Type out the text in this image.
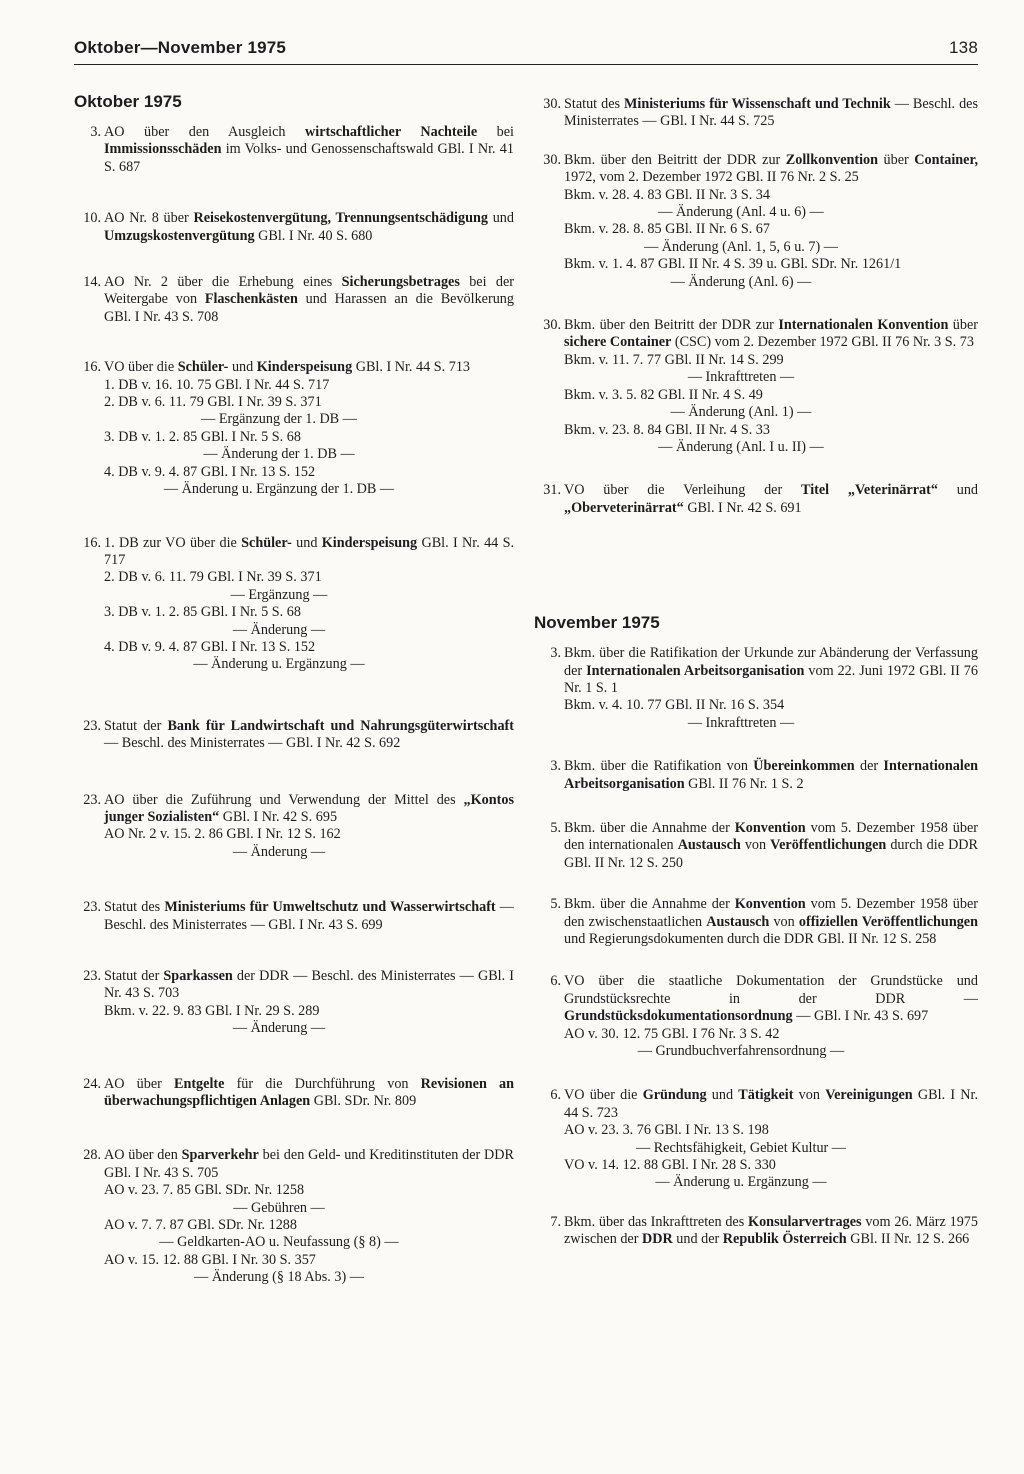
Oktober—November 1975	138
Oktober 1975
3. AO über den Ausgleich wirtschaftlicher Nachteile bei Immissionsschäden im Volks- und Genossenschaftswald GBl. I Nr. 41 S. 687
10. AO Nr. 8 über Reisekostenvergütung, Trennungsentschädigung und Umzugskostenvergütung GBl. I Nr. 40 S. 680
14. AO Nr. 2 über die Erhebung eines Sicherungsbetrages bei der Weitergabe von Flaschenkästen und Harassen an die Bevölkerung GBl. I Nr. 43 S. 708
16. VO über die Schüler- und Kinderspeisung GBl. I Nr. 44 S. 713
1. DB v. 16. 10. 75 GBl. I Nr. 44 S. 717
2. DB v. 6. 11. 79 GBl. I Nr. 39 S. 371
— Ergänzung der 1. DB —
3. DB v. 1. 2. 85 GBl. I Nr. 5 S. 68
— Änderung der 1. DB —
4. DB v. 9. 4. 87 GBl. I Nr. 13 S. 152
— Änderung u. Ergänzung der 1. DB —
16. 1. DB zur VO über die Schüler- und Kinderspeisung GBl. I Nr. 44 S. 717
2. DB v. 6. 11. 79 GBl. I Nr. 39 S. 371
— Ergänzung —
3. DB v. 1. 2. 85 GBl. I Nr. 5 S. 68
— Änderung —
4. DB v. 9. 4. 87 GBl. I Nr. 13 S. 152
— Änderung u. Ergänzung —
23. Statut der Bank für Landwirtschaft und Nahrungsgüterwirtschaft — Beschl. des Ministerrates — GBl. I Nr. 42 S. 692
23. AO über die Zuführung und Verwendung der Mittel des „Kontos junger Sozialisten“ GBl. I Nr. 42 S. 695
AO Nr. 2 v. 15. 2. 86 GBl. I Nr. 12 S. 162
— Änderung —
23. Statut des Ministeriums für Umweltschutz und Wasserwirtschaft — Beschl. des Ministerrates — GBl. I Nr. 43 S. 699
23. Statut der Sparkassen der DDR — Beschl. des Ministerrates — GBl. I Nr. 43 S. 703
Bkm. v. 22. 9. 83 GBl. I Nr. 29 S. 289
— Änderung —
24. AO über Entgelte für die Durchführung von Revisionen an überwachungspflichtigen Anlagen GBl. SDr. Nr. 809
28. AO über den Sparverkehr bei den Geld- und Kreditinstituten der DDR GBl. I Nr. 43 S. 705
AO v. 23. 7. 85 GBl. SDr. Nr. 1258
— Gebühren —
AO v. 7. 7. 87 GBl. SDr. Nr. 1288
— Geldkarten-AO u. Neufassung (§ 8) —
AO v. 15. 12. 88 GBl. I Nr. 30 S. 357
— Änderung (§ 18 Abs. 3) —
30. Statut des Ministeriums für Wissenschaft und Technik — Beschl. des Ministerrates — GBl. I Nr. 44 S. 725
30. Bkm. über den Beitritt der DDR zur Zollkonvention über Container, 1972, vom 2. Dezember 1972 GBl. II 76 Nr. 2 S. 25
Bkm. v. 28. 4. 83 GBl. II Nr. 3 S. 34
— Änderung (Anl. 4 u. 6) —
Bkm. v. 28. 8. 85 GBl. II Nr. 6 S. 67
— Änderung (Anl. 1, 5, 6 u. 7) —
Bkm. v. 1. 4. 87 GBl. II Nr. 4 S. 39 u. GBl. SDr. Nr. 1261/1
— Änderung (Anl. 6) —
30. Bkm. über den Beitritt der DDR zur Internationalen Konvention über sichere Container (CSC) vom 2. Dezember 1972 GBl. II 76 Nr. 3 S. 73
Bkm. v. 11. 7. 77 GBl. II Nr. 14 S. 299
— Inkrafttreten —
Bkm. v. 3. 5. 82 GBl. II Nr. 4 S. 49
— Änderung (Anl. 1) —
Bkm. v. 23. 8. 84 GBl. II Nr. 4 S. 33
— Änderung (Anl. I u. II) —
31. VO über die Verleihung der Titel „Veterinärrat“ und „Oberveterinärrat“ GBl. I Nr. 42 S. 691
November 1975
3. Bkm. über die Ratifikation der Urkunde zur Abänderung der Verfassung der Internationalen Arbeitsorganisation vom 22. Juni 1972 GBl. II 76 Nr. 1 S. 1
Bkm. v. 4. 10. 77 GBl. II Nr. 16 S. 354
— Inkrafttreten —
3. Bkm. über die Ratifikation von Übereinkommen der Internationalen Arbeitsorganisation GBl. II 76 Nr. 1 S. 2
5. Bkm. über die Annahme der Konvention vom 5. Dezember 1958 über den internationalen Austausch von Veröffentlichungen durch die DDR GBl. II Nr. 12 S. 250
5. Bkm. über die Annahme der Konvention vom 5. Dezember 1958 über den zwischenstaatlichen Austausch von offiziellen Veröffentlichungen und Regierungsdokumenten durch die DDR GBl. II Nr. 12 S. 258
6. VO über die staatliche Dokumentation der Grundstücke und Grundstücksrechte in der DDR — Grundstücksdokumentationsordnung — GBl. I Nr. 43 S. 697
AO v. 30. 12. 75 GBl. I 76 Nr. 3 S. 42
— Grundbuchverfahrensordnung —
6. VO über die Gründung und Tätigkeit von Vereinigungen GBl. I Nr. 44 S. 723
AO v. 23. 3. 76 GBl. I Nr. 13 S. 198
— Rechtsfähigkeit, Gebiet Kultur —
VO v. 14. 12. 88 GBl. I Nr. 28 S. 330
— Änderung u. Ergänzung —
7. Bkm. über das Inkrafttreten des Konsularvertrages vom 26. März 1975 zwischen der DDR und der Republik Österreich GBl. II Nr. 12 S. 266
